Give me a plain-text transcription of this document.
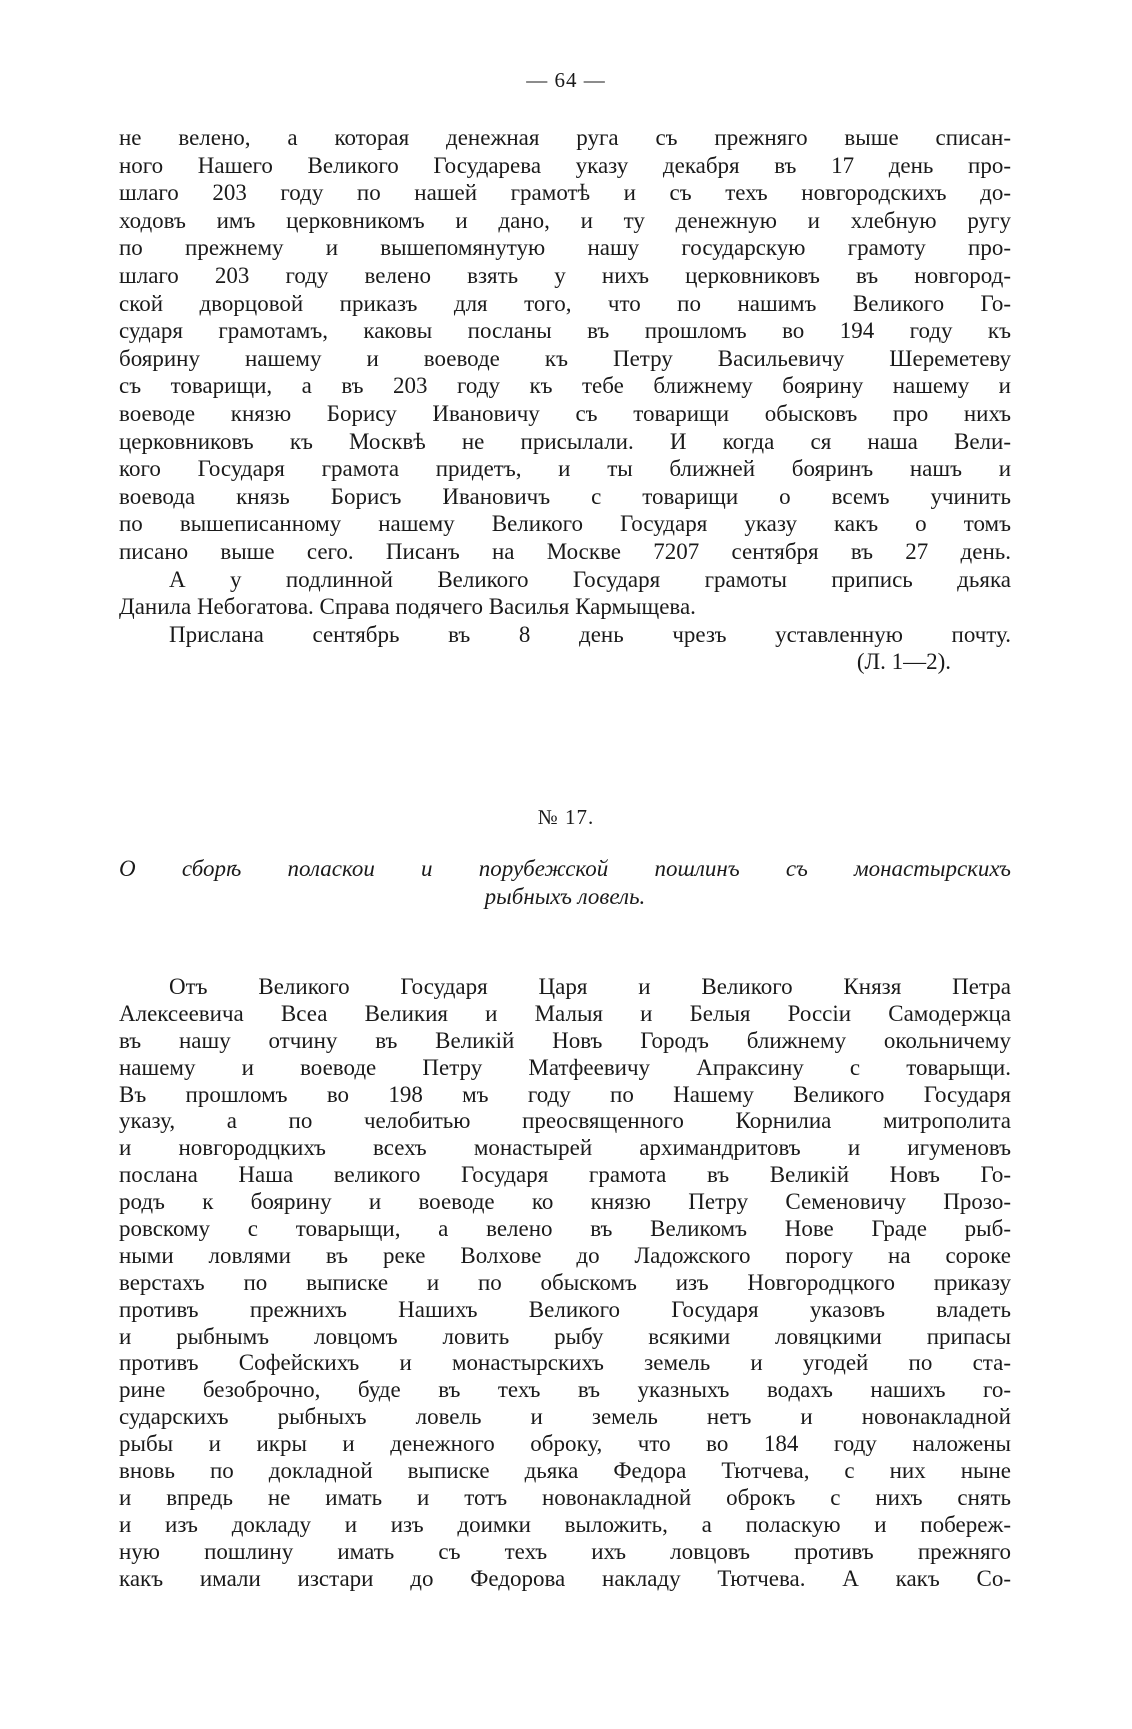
— 64 —
не велено, а которая денежная руга съ прежняго выше списан-
ного Нашего Великого Государева указу декабря въ 17 день про-
шлаго 203 году по нашей грамотѣ и съ техъ новгородскихъ до-
ходовъ имъ церковникомъ и дано, и ту денежную и хлебную ругу
по прежнему и вышепомянутую нашу государскую грамоту про-
шлаго 203 году велено взять у нихъ церковниковъ въ новгород-
ской дворцовой приказъ для того, что по нашимъ Великого Го-
сударя грамотамъ, каковы посланы въ прошломъ во 194 году къ
боярину нашему и воеводе къ Петру Васильевичу Шереметеву
съ товарищи, а въ 203 году къ тебе ближнему боярину нашему и
воеводе князю Борису Ивановичу съ товарищи обысковъ про нихъ
церковниковъ къ Москвѣ не присылали. И когда ся наша Вели-
кого Государя грамота придетъ, и ты ближней бояринъ нашъ и
воевода князь Борисъ Ивановичъ с товарищи о всемъ учинить
по вышеписанному нашему Великого Государя указу какъ о томъ
писано выше сего. Писанъ на Москве 7207 сентября въ 27 день.
А у подлинной Великого Государя грамоты припись дьяка
Данила Небогатова. Справа подячего Василья Кармыщева.
Прислана сентябрь въ 8 день чрезъ уставленную почту.
(Л. 1—2).
№ 17.
О сборѣ поласкои и порубежской пошлинъ съ монастырскихъ
рыбныхъ ловель.
Отъ Великого Государя Царя и Великого Князя Петра
Алексеевича Всеа Великия и Малыя и Белыя Россіи Самодержца
въ нашу отчину въ Великій Новъ Городъ ближнему окольничему
нашему и воеводе Петру Матфеевичу Апраксину с товарыщи.
Въ прошломъ во 198 мъ году по Нашему Великого Государя
указу, а по челобитью преосвященного Корнилиа митрополита
и новгородцкихъ всехъ монастырей архимандритовъ и игуменовъ
послана Наша великого Государя грамота въ Великій Новъ Го-
родъ к боярину и воеводе ко князю Петру Семеновичу Прозо-
ровскому с товарыщи, а велено въ Великомъ Нове Граде рыб-
ными ловлями въ реке Волхове до Ладожского порогу на сороке
верстахъ по выписке и по обыскомъ изъ Новгородцкого приказу
противъ прежнихъ Нашихъ Великого Государя указовъ владеть
и рыбнымъ ловцомъ ловить рыбу всякими ловяцкими припасы
противъ Софейскихъ и монастырскихъ земель и угодей по ста-
рине безоброчно, буде въ техъ въ указныхъ водахъ нашихъ го-
сударскихъ рыбныхъ ловель и земель нетъ и новонакладной
рыбы и икры и денежного оброку, что во 184 году наложены
вновь по докладной выписке дьяка Федора Тютчева, с них ныне
и впредь не имать и тотъ новонакладной оброкъ с нихъ снять
и изъ докладу и изъ доимки выложить, а поласкую и побереж-
ную пошлину имать съ техъ ихъ ловцовъ противъ прежняго
какъ имали изстари до Федорова накладу Тютчева. А какъ Со-
